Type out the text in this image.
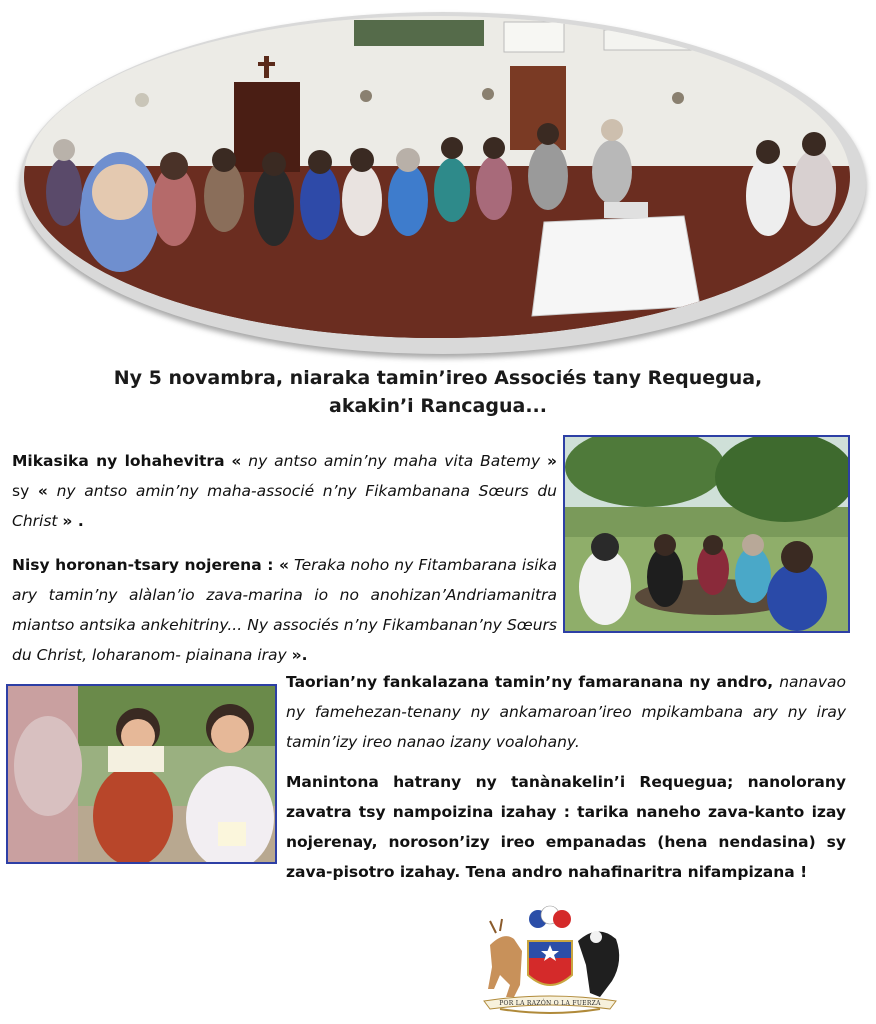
Ny 5 novambra, niaraka tamin’ireo Associés tany Requegua,
akakin’i Rancagua...
Mikasika ny lohahevitra « ny antso amin’ny maha vita Batemy » sy « ny antso amin’ny maha-associé n’ny Fikambanana Sœurs du Christ » .
Nisy horonan-tsary nojerena : « Teraka noho ny Fitambarana isika ary tamin’ny alàlan’io zava-marina io no anohizan’Andriamanitra miantso antsika ankehitriny... Ny associés n’ny Fikambanan’ny Sœurs du Christ, loharanom- piainana iray ».
Taorian’ny fankalazana tamin’ny famaranana ny andro, nanavao ny famehezan-tenany ny ankamaroan’ireo mpikambana ary ny iray tamin’izy ireo nanao izany voalohany.
Manintona hatrany ny tanànakelin’i Requegua; nanolorany zavatra tsy nampoizina izahay : tarika naneho zava-kanto izay nojerenay, noroson’izy ireo empanadas (hena nendasina) sy zava-pisotro izahay. Tena andro nahafinaritra nifampizana !
POR LA RAZÓN O LA FUERZA
